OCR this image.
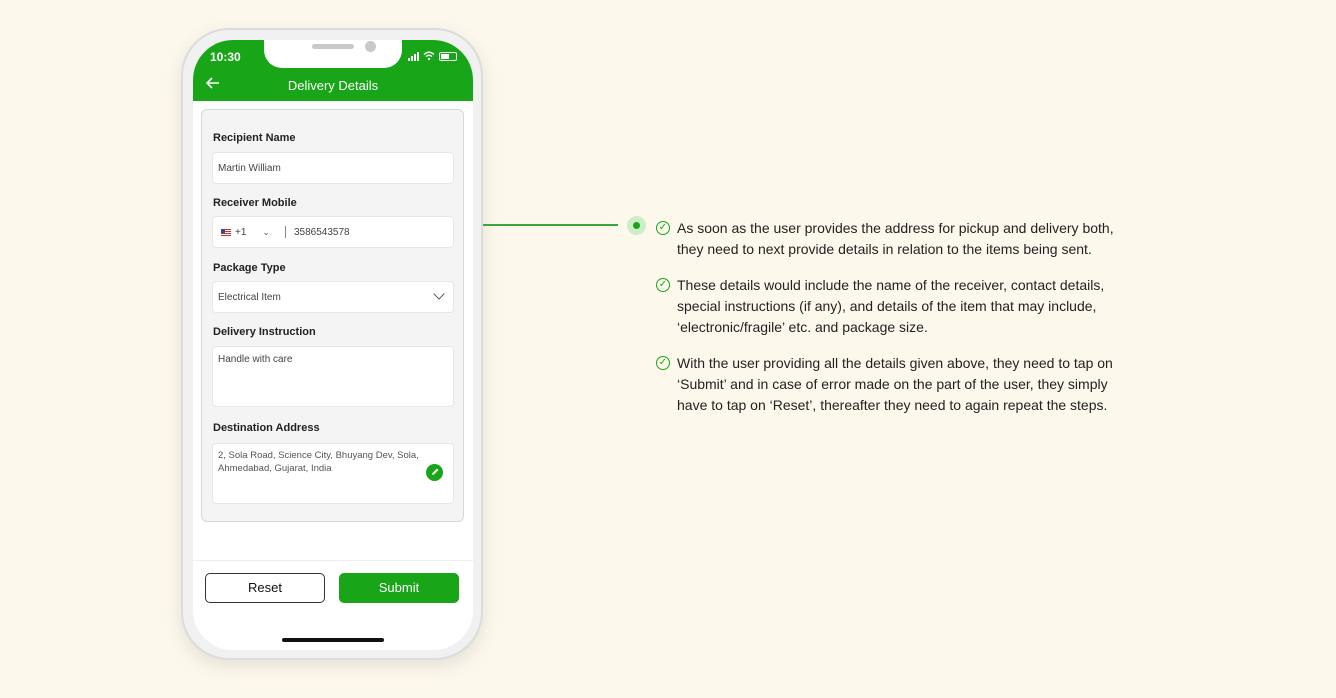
10:30
Delivery Details
Recipient Name
Martin William
Receiver Mobile
+1 ⌄ 3586543578
Package Type
Electrical Item
Delivery Instruction
Handle with care
Destination Address
2, Sola Road, Science City, Bhuyang Dev, Sola,
Ahmedabad, Gujarat, India
Reset	Submit
✓ As soon as the user provides the address for pickup and delivery both, they need to next provide details in relation to the items being sent.
✓ These details would include the name of the receiver, contact details, special instructions (if any), and details of the item that may include, ‘electronic/fragile’ etc. and package size.
✓ With the user providing all the details given above, they need to tap on ‘Submit’ and in case of error made on the part of the user, they simply have to tap on ‘Reset’, thereafter they need to again repeat the steps.
